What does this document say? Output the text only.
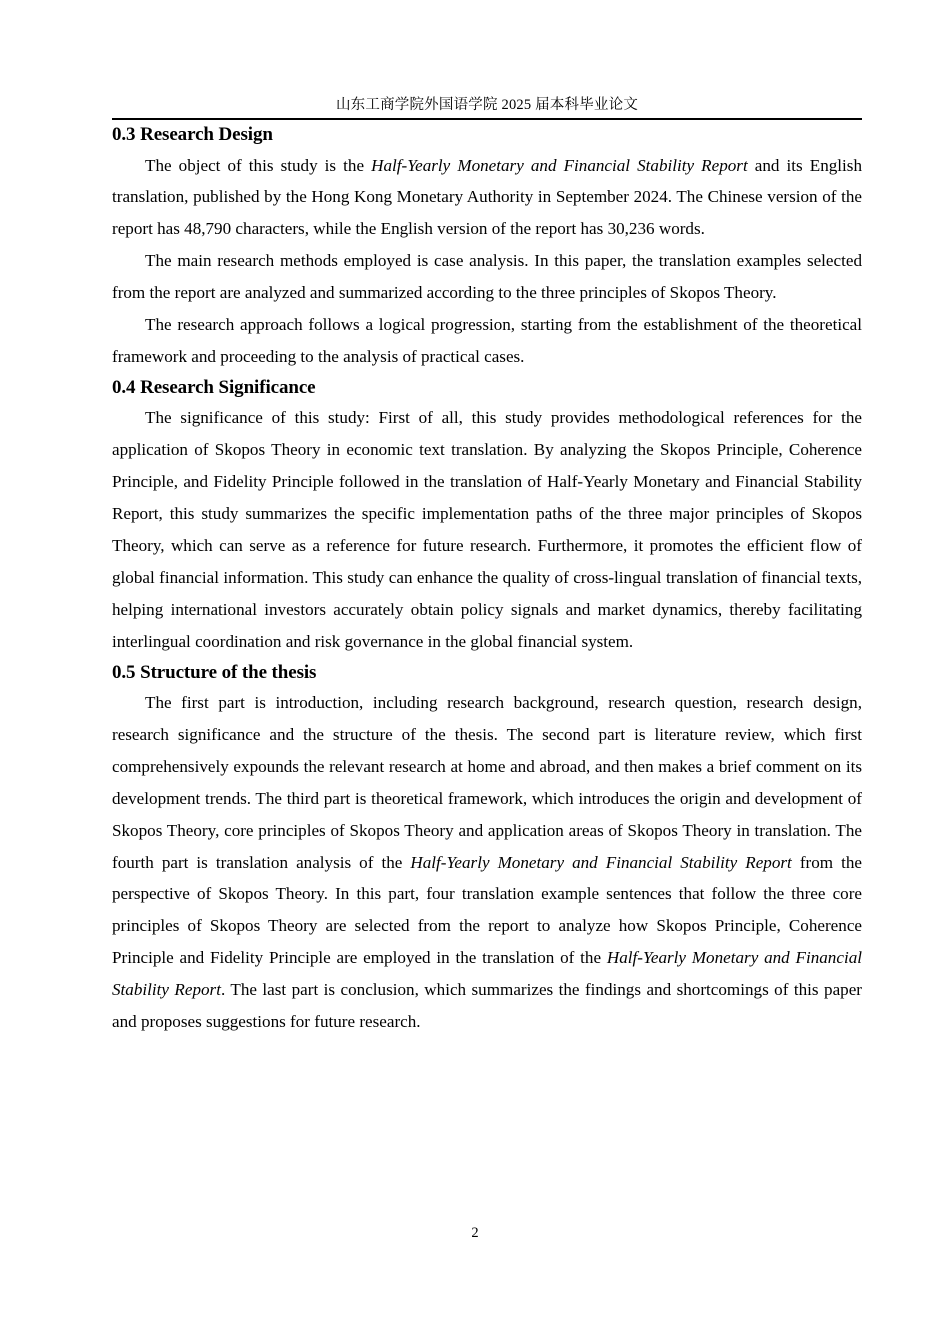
山东工商学院外国语学院 2025 届本科毕业论文
0.3 Research Design

The object of this study is the Half-Yearly Monetary and Financial Stability Report and its English translation, published by the Hong Kong Monetary Authority in September 2024. The Chinese version of the report has 48,790 characters, while the English version of the report has 30,236 words.

The main research methods employed is case analysis. In this paper, the translation examples selected from the report are analyzed and summarized according to the three principles of Skopos Theory.

The research approach follows a logical progression, starting from the establishment of the theoretical framework and proceeding to the analysis of practical cases.

0.4 Research Significance

The significance of this study: First of all, this study provides methodological references for the application of Skopos Theory in economic text translation. By analyzing the Skopos Principle, Coherence Principle, and Fidelity Principle followed in the translation of Half-Yearly Monetary and Financial Stability Report, this study summarizes the specific implementation paths of the three major principles of Skopos Theory, which can serve as a reference for future research. Furthermore, it promotes the efficient flow of global financial information. This study can enhance the quality of cross-lingual translation of financial texts, helping international investors accurately obtain policy signals and market dynamics, thereby facilitating interlingual coordination and risk governance in the global financial system.

0.5 Structure of the thesis

The first part is introduction, including research background, research question, research design, research significance and the structure of the thesis. The second part is literature review, which first comprehensively expounds the relevant research at home and abroad, and then makes a brief comment on its development trends. The third part is theoretical framework, which introduces the origin and development of Skopos Theory, core principles of Skopos Theory and application areas of Skopos Theory in translation. The fourth part is translation analysis of the Half-Yearly Monetary and Financial Stability Report from the perspective of Skopos Theory. In this part, four translation example sentences that follow the three core principles of Skopos Theory are selected from the report to analyze how Skopos Principle, Coherence Principle and Fidelity Principle are employed in the translation of the Half-Yearly Monetary and Financial Stability Report. The last part is conclusion, which summarizes the findings and shortcomings of this paper and proposes suggestions for future research.

2
